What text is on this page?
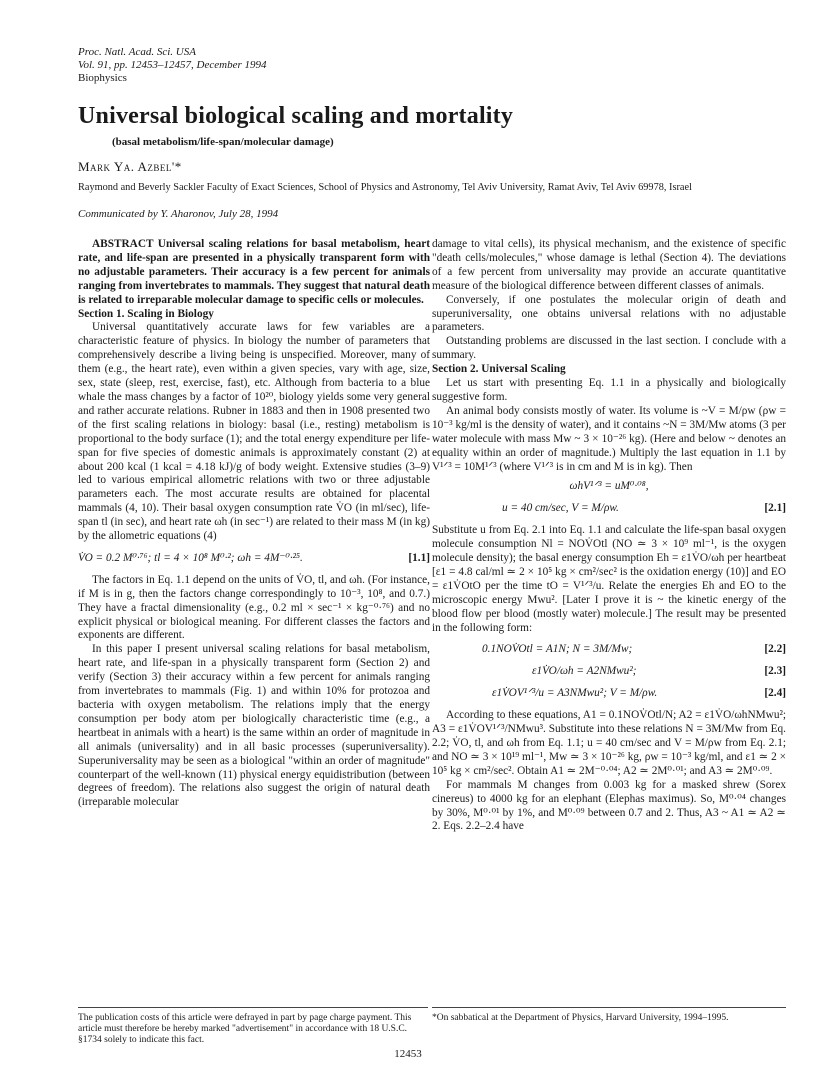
Proc. Natl. Acad. Sci. USA
Vol. 91, pp. 12453–12457, December 1994
Biophysics
Universal biological scaling and mortality
(basal metabolism/life-span/molecular damage)
Mark Ya. Azbel'*
Raymond and Beverly Sackler Faculty of Exact Sciences, School of Physics and Astronomy, Tel Aviv University, Ramat Aviv, Tel Aviv 69978, Israel
Communicated by Y. Aharonov, July 28, 1994

ABSTRACT Universal scaling relations for basal metabolism, heart rate, and life-span are presented in a physically transparent form with no adjustable parameters. Their accuracy is a few percent for animals ranging from invertebrates to mammals. They suggest that natural death is related to irreparable molecular damage to specific cells or molecules.

Section 1. Scaling in Biology

Universal quantitatively accurate laws for few variables are a characteristic feature of physics. In biology the number of parameters that comprehensively describe a living being is unspecified. Moreover, many of them (e.g., the heart rate), even within a given species, vary with age, size, sex, state (sleep, rest, exercise, fast), etc. Although from bacteria to a blue whale the mass changes by a factor of 10²⁰, biology yields some very general and rather accurate relations. Rubner in 1883 and then in 1908 presented two of the first scaling relations in biology: basal (i.e., resting) metabolism is proportional to the body surface (1); and the total energy expenditure per life-span for five species of domestic animals is approximately constant (2) at about 200 kcal (1 kcal = 4.18 kJ)/g of body weight. Extensive studies (3–9) led to various empirical allometric relations with two or three adjustable parameters each. The most accurate results are obtained for placental mammals (4, 10). Their basal oxygen consumption rate V̇O (in ml/sec), life-span tl (in sec), and heart rate ωh (in sec⁻¹) are related to their mass M (in kg) by the allometric equations (4)

V̇O = 0.2 M⁰·⁷⁶; tl = 4 × 10⁸ M⁰·²; ωh = 4M⁻⁰·²⁵.	[1.1]

The factors in Eq. 1.1 depend on the units of V̇O, tl, and ωh. (For instance, if M is in g, then the factors change correspondingly to 10⁻³, 10⁸, and 0.7.) They have a fractal dimensionality (e.g., 0.2 ml × sec⁻¹ × kg⁻⁰·⁷⁶) and no explicit physical or biological meaning. For different classes the factors and exponents are different.

In this paper I present universal scaling relations for basal metabolism, heart rate, and life-span in a physically transparent form (Section 2) and verify (Section 3) their accuracy within a few percent for animals ranging from invertebrates to mammals (Fig. 1) and within 10% for protozoa and bacteria with oxygen metabolism. The relations imply that the energy consumption per body atom per biologically characteristic time (e.g., a heartbeat in animals with a heart) is the same within an order of magnitude in all animals (universality) and in all basic processes (superuniversality). Superuniversality may be seen as a biological "within an order of magnitude" counterpart of the well-known (11) physical energy equidistribution (between degrees of freedom). The relations also suggest the origin of natural death (irreparable molecular

damage to vital cells), its physical mechanism, and the existence of specific "death cells/molecules," whose damage is lethal (Section 4). The deviations of a few percent from universality may provide an accurate quantitative measure of the biological difference between different classes of animals.

Conversely, if one postulates the molecular origin of death and superuniversality, one obtains universal relations with no adjustable parameters.

Outstanding problems are discussed in the last section. I conclude with a summary.

Section 2. Universal Scaling

Let us start with presenting Eq. 1.1 in a physically and biologically suggestive form.

An animal body consists mostly of water. Its volume is ~V = M/ρw (ρw = 10⁻³ kg/ml is the density of water), and it contains ~N = 3M/Mw atoms (3 per water molecule with mass Mw ~ 3 × 10⁻²⁶ kg). (Here and below ~ denotes an equality within an order of magnitude.) Multiply the last equation in 1.1 by V¹ᐟ³ = 10M¹ᐟ³ (where V¹ᐟ³ is in cm and M is in kg). Then

ωhV¹ᐟ³ = uM⁰·⁰⁸,
u = 40 cm/sec, V = M/ρw.	[2.1]

Substitute u from Eq. 2.1 into Eq. 1.1 and calculate the life-span basal oxygen molecule consumption Nl = NOV̇Otl (NO ≃ 3 × 10⁹ ml⁻¹, is the oxygen molecule density); the basal energy consumption Eh = ε1V̇O/ωh per heartbeat [ε1 = 4.8 cal/ml ≃ 2 × 10⁵ kg × cm²/sec² is the oxidation energy (10)] and EO = ε1V̇OtO per the time tO = V¹ᐟ³/u. Relate the energies Eh and EO to the microscopic energy Mwu². [Later I prove it is ~ the kinetic energy of the blood flow per blood (mostly water) molecule.] The result may be presented in the following form:

0.1NOV̇Otl = A1N; N = 3M/Mw;	[2.2]
ε1V̇O/ωh = A2NMwu²;	[2.3]
ε1V̇OV¹ᐟ³/u = A3NMwu²; V = M/ρw.	[2.4]

According to these equations, A1 = 0.1NOV̇Otl/N; A2 = ε1V̇O/ωhNMwu²; A3 = ε1V̇OV¹ᐟ³/NMwu³. Substitute into these relations N = 3M/Mw from Eq. 2.2; V̇O, tl, and ωh from Eq. 1.1; u = 40 cm/sec and V = M/ρw from Eq. 2.1; and NO ≃ 3 × 10¹⁹ ml⁻¹, Mw ≃ 3 × 10⁻²⁶ kg, ρw = 10⁻³ kg/ml, and ε1 ≃ 2 × 10⁵ kg × cm²/sec². Obtain A1 ≃ 2M⁻⁰·⁰⁴; A2 ≃ 2M⁰·⁰¹; and A3 ≃ 2M⁰·⁰⁹.

For mammals M changes from 0.003 kg for a masked shrew (Sorex cinereus) to 4000 kg for an elephant (Elephas maximus). So, M⁰·⁰⁴ changes by 30%, M⁰·⁰¹ by 1%, and M⁰·⁰⁹ between 0.7 and 2. Thus, A3 ~ A1 ≃ A2 ≃ 2. Eqs. 2.2–2.4 have

The publication costs of this article were defrayed in part by page charge payment. This article must therefore be hereby marked "advertisement" in accordance with 18 U.S.C. §1734 solely to indicate this fact.
*On sabbatical at the Department of Physics, Harvard University, 1994–1995.
12453
